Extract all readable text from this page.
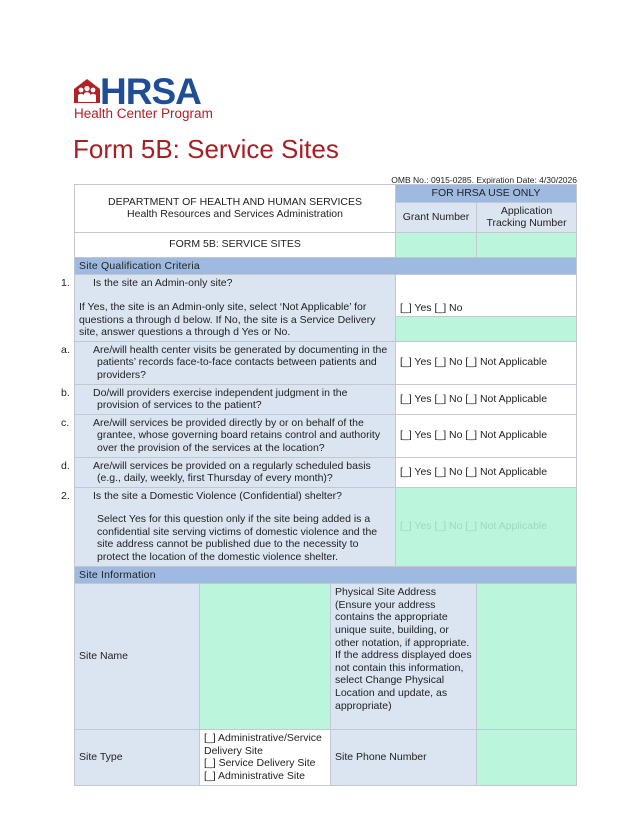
HRSA
Health Center Program
Form 5B: Service Sites
OMB No.: 0915-0285. Expiration Date: 4/30/2026
DEPARTMENT OF HEALTH AND HUMAN SERVICES
Health Resources and Services Administration			FOR HRSA USE ONLY	
			Grant Number	Application Tracking Number
FORM 5B: SERVICE SITES				
Site Qualification Criteria				

1. Is the site an Admin-only site?
If Yes, the site is an Admin-only site, select ‘Not Applicable’ for questions a through d below. If No, the site is a Service Delivery site, answer questions a through d Yes or No.			[_] Yes [_] No	

a. Are/will health center visits be generated by documenting in the patients’ records face-to-face contacts between patients and providers?			[_] Yes [_] No [_] Not Applicable	

b. Do/will providers exercise independent judgment in the provision of services to the patient?			[_] Yes [_] No [_] Not Applicable	

c. Are/will services be provided directly by or on behalf of the grantee, whose governing board retains control and authority over the provision of the services at the location?			[_] Yes [_] No [_] Not Applicable	

d. Are/will services be provided on a regularly scheduled basis (e.g., daily, weekly, first Thursday of every month)?			[_] Yes [_] No [_] Not Applicable	

2. Is the site a Domestic Violence (Confidential) shelter?
Select Yes for this question only if the site being added is a confidential site serving victims of domestic violence and the site address cannot be published due to the necessity to protect the location of the domestic violence shelter.			[_] Yes [_] No [_] Not Applicable	
Site Information				
Site Name		Physical Site Address (Ensure your address contains the appropriate unique suite, building, or other notation, if appropriate. If the address displayed does not contain this information, select Change Physical Location and update, as appropriate)		
Site Type	[_] Administrative/Service Delivery Site
[_] Service Delivery Site
[_] Administrative Site	Site Phone Number		
